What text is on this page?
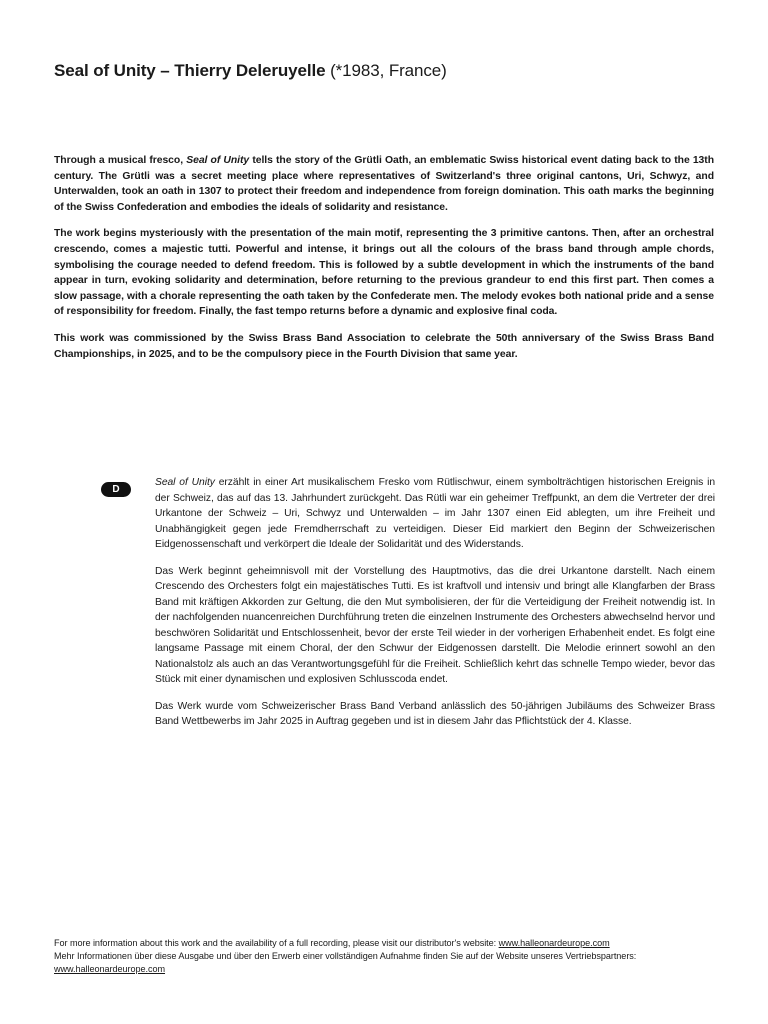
Seal of Unity – Thierry Deleruyelle (*1983, France)

Through a musical fresco, Seal of Unity tells the story of the Grütli Oath, an emblematic Swiss historical event dating back to the 13th century. The Grütli was a secret meeting place where representatives of Switzerland's three original cantons, Uri, Schwyz, and Unterwalden, took an oath in 1307 to protect their freedom and independence from foreign domination. This oath marks the beginning of the Swiss Confederation and embodies the ideals of solidarity and resistance.

The work begins mysteriously with the presentation of the main motif, representing the 3 primitive cantons. Then, after an orchestral crescendo, comes a majestic tutti. Powerful and intense, it brings out all the colours of the brass band through ample chords, symbolising the courage needed to defend freedom. This is followed by a subtle development in which the instruments of the band appear in turn, evoking solidarity and determination, before returning to the previous grandeur to end this first part. Then comes a slow passage, with a chorale representing the oath taken by the Confederate men. The melody evokes both national pride and a sense of responsibility for freedom. Finally, the fast tempo returns before a dynamic and explosive final coda.

This work was commissioned by the Swiss Brass Band Association to celebrate the 50th anniversary of the Swiss Brass Band Championships, in 2025, and to be the compulsory piece in the Fourth Division that same year.

D

Seal of Unity erzählt in einer Art musikalischem Fresko vom Rütlischwur, einem symbolträchtigen historischen Ereignis in der Schweiz, das auf das 13. Jahrhundert zurückgeht. Das Rütli war ein geheimer Treffpunkt, an dem die Vertreter der drei Urkantone der Schweiz – Uri, Schwyz und Unterwalden – im Jahr 1307 einen Eid ablegten, um ihre Freiheit und Unabhängigkeit gegen jede Fremdherrschaft zu verteidigen. Dieser Eid markiert den Beginn der Schweizerischen Eidgenossenschaft und verkörpert die Ideale der Solidarität und des Widerstands.

Das Werk beginnt geheimnisvoll mit der Vorstellung des Hauptmotivs, das die drei Urkantone darstellt. Nach einem Crescendo des Orchesters folgt ein majestätisches Tutti. Es ist kraftvoll und intensiv und bringt alle Klangfarben der Brass Band mit kräftigen Akkorden zur Geltung, die den Mut symbolisieren, der für die Verteidigung der Freiheit notwendig ist. In der nachfolgenden nuancenreichen Durchführung treten die einzelnen Instrumente des Orchesters abwechselnd hervor und beschwören Solidarität und Entschlossenheit, bevor der erste Teil wieder in der vorherigen Erhabenheit endet. Es folgt eine langsame Passage mit einem Choral, der den Schwur der Eidgenossen darstellt. Die Melodie erinnert sowohl an den Nationalstolz als auch an das Verantwortungsgefühl für die Freiheit. Schließlich kehrt das schnelle Tempo wieder, bevor das Stück mit einer dynamischen und explosiven Schlusscoda endet.

Das Werk wurde vom Schweizerischer Brass Band Verband anlässlich des 50-jährigen Jubiläums des Schweizer Brass Band Wettbewerbs im Jahr 2025 in Auftrag gegeben und ist in diesem Jahr das Pflichtstück der 4. Klasse.

For more information about this work and the availability of a full recording, please visit our distributor's website: www.halleonardeurope.com

Mehr Informationen über diese Ausgabe und über den Erwerb einer vollständigen Aufnahme finden Sie auf der Website unseres Vertriebspartners: www.halleonardeurope.com
